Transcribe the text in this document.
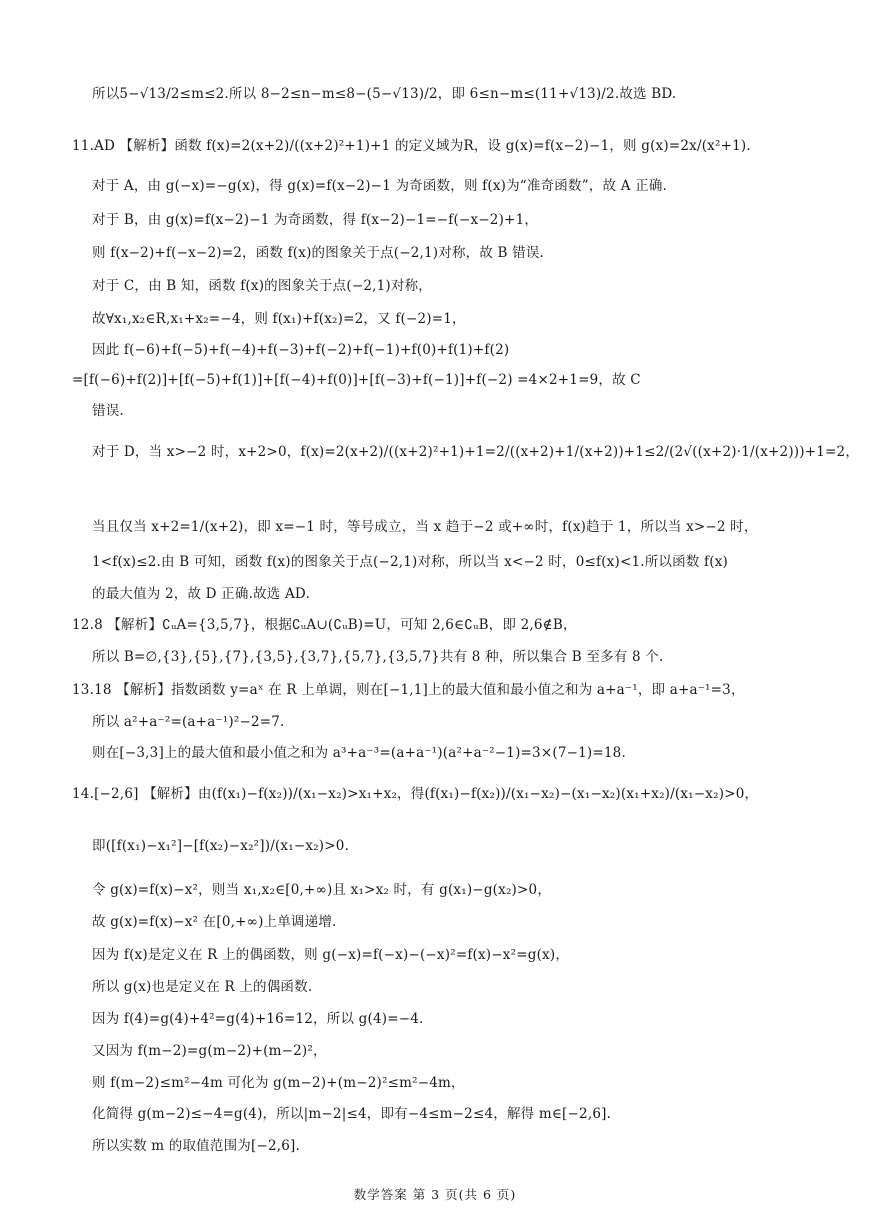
所以5−√13/2≤m≤2.所以 8−2≤n−m≤8−(5−√13)/2，即 6≤n−m≤(11+√13)/2.故选 BD.
11.AD 【解析】函数 f(x)=2(x+2)/((x+2)²+1)+1 的定义域为R，设 g(x)=f(x−2)−1，则 g(x)=2x/(x²+1).
对于 A，由 g(−x)=−g(x)，得 g(x)=f(x−2)−1 为奇函数，则 f(x)为“准奇函数”，故 A 正确.
对于 B，由 g(x)=f(x−2)−1 为奇函数，得 f(x−2)−1=−f(−x−2)+1，
则 f(x−2)+f(−x−2)=2，函数 f(x)的图象关于点(−2,1)对称，故 B 错误.
对于 C，由 B 知，函数 f(x)的图象关于点(−2,1)对称，
故∀x₁,x₂∈R,x₁+x₂=−4，则 f(x₁)+f(x₂)=2，又 f(−2)=1，
因此 f(−6)+f(−5)+f(−4)+f(−3)+f(−2)+f(−1)+f(0)+f(1)+f(2)
=[f(−6)+f(2)]+[f(−5)+f(1)]+[f(−4)+f(0)]+[f(−3)+f(−1)]+f(−2) =4×2+1=9，故 C
错误.
对于 D，当 x>−2 时，x+2>0，f(x)=2(x+2)/((x+2)²+1)+1=2/((x+2)+1/(x+2))+1≤2/(2√((x+2)·1/(x+2)))+1=2，
当且仅当 x+2=1/(x+2)，即 x=−1 时，等号成立，当 x 趋于−2 或+∞时，f(x)趋于 1，所以当 x>−2 时，
1<f(x)≤2.由 B 可知，函数 f(x)的图象关于点(−2,1)对称，所以当 x<−2 时，0≤f(x)<1.所以函数 f(x)
的最大值为 2，故 D 正确.故选 AD.
12.8 【解析】∁ᵤA={3,5,7}，根据∁ᵤA∪(∁ᵤB)=U，可知 2,6∈∁ᵤB，即 2,6∉B，
所以 B=∅,{3},{5},{7},{3,5},{3,7},{5,7},{3,5,7}共有 8 种，所以集合 B 至多有 8 个.
13.18 【解析】指数函数 y=aˣ 在 R 上单调，则在[−1,1]上的最大值和最小值之和为 a+a⁻¹，即 a+a⁻¹=3，
所以 a²+a⁻²=(a+a⁻¹)²−2=7.
则在[−3,3]上的最大值和最小值之和为 a³+a⁻³=(a+a⁻¹)(a²+a⁻²−1)=3×(7−1)=18.
14.[−2,6] 【解析】由(f(x₁)−f(x₂))/(x₁−x₂)>x₁+x₂，得(f(x₁)−f(x₂))/(x₁−x₂)−(x₁−x₂)(x₁+x₂)/(x₁−x₂)>0，
即([f(x₁)−x₁²]−[f(x₂)−x₂²])/(x₁−x₂)>0.
令 g(x)=f(x)−x²，则当 x₁,x₂∈[0,+∞)且 x₁>x₂ 时，有 g(x₁)−g(x₂)>0，
故 g(x)=f(x)−x² 在[0,+∞)上单调递增.
因为 f(x)是定义在 R 上的偶函数，则 g(−x)=f(−x)−(−x)²=f(x)−x²=g(x)，
所以 g(x)也是定义在 R 上的偶函数.
因为 f(4)=g(4)+4²=g(4)+16=12，所以 g(4)=−4.
又因为 f(m−2)=g(m−2)+(m−2)²，
则 f(m−2)≤m²−4m 可化为 g(m−2)+(m−2)²≤m²−4m，
化简得 g(m−2)≤−4=g(4)，所以|m−2|≤4，即有−4≤m−2≤4，解得 m∈[−2,6].
所以实数 m 的取值范围为[−2,6].
数学答案 第 3 页(共 6 页)
